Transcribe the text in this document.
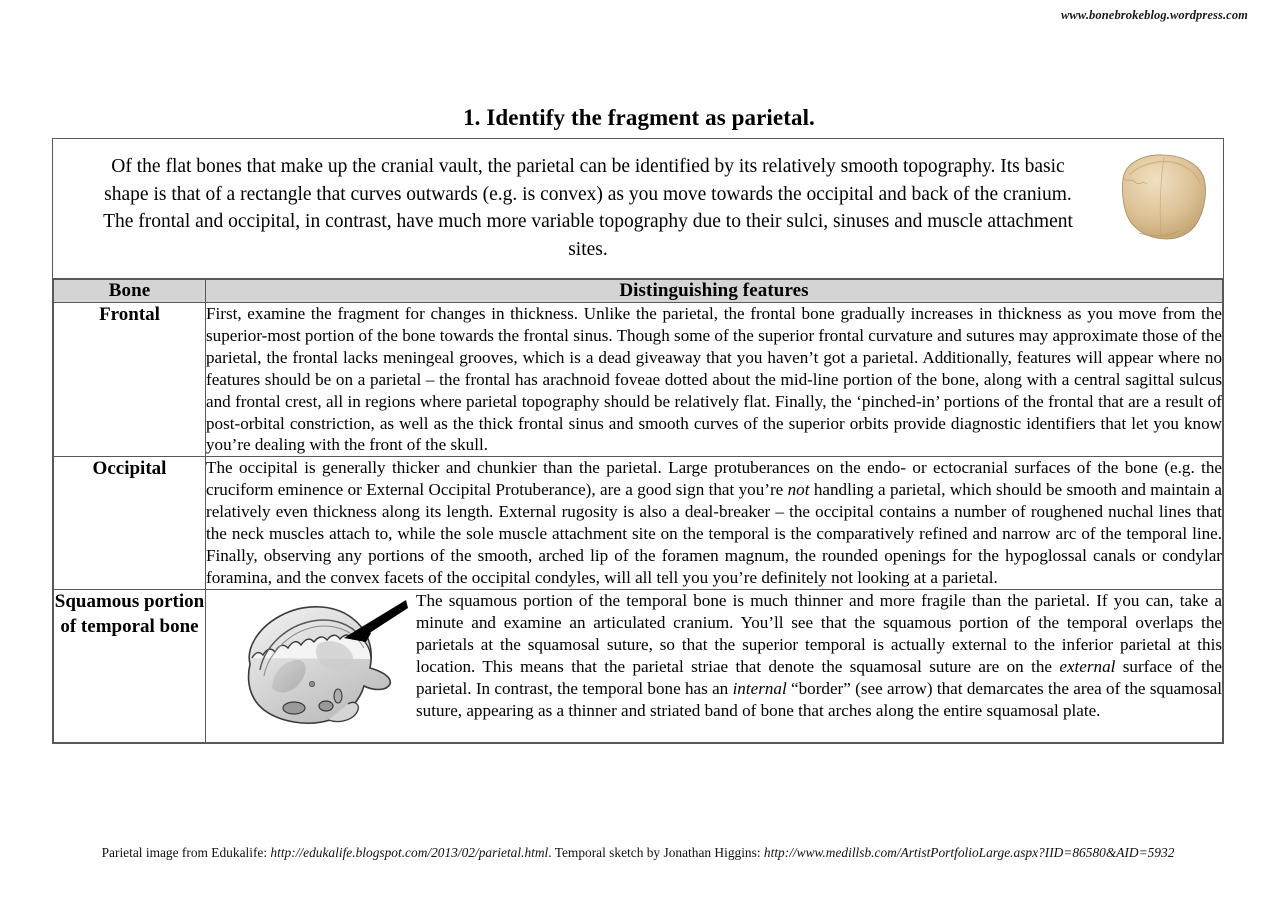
www.bonebrokeblog.wordpress.com
1. Identify the fragment as parietal.
Of the flat bones that make up the cranial vault, the parietal can be identified by its relatively smooth topography. Its basic shape is that of a rectangle that curves outwards (e.g. is convex) as you move towards the occipital and back of the cranium. The frontal and occipital, in contrast, have much more variable topography due to their sulci, sinuses and muscle attachment sites.
Bone	Distinguishing features
Frontal	First, examine the fragment for changes in thickness. Unlike the parietal, the frontal bone gradually increases in thickness as you move from the superior-most portion of the bone towards the frontal sinus. Though some of the superior frontal curvature and sutures may approximate those of the parietal, the frontal lacks meningeal grooves, which is a dead giveaway that you haven’t got a parietal. Additionally, features will appear where no features should be on a parietal – the frontal has arachnoid foveae dotted about the mid-line portion of the bone, along with a central sagittal sulcus and frontal crest, all in regions where parietal topography should be relatively flat. Finally, the ‘pinched-in’ portions of the frontal that are a result of post-orbital constriction, as well as the thick frontal sinus and smooth curves of the superior orbits provide diagnostic identifiers that let you know you’re dealing with the front of the skull.

Occipital	The occipital is generally thicker and chunkier than the parietal. Large protuberances on the endo- or ectocranial surfaces of the bone (e.g. the cruciform eminence or External Occipital Protuberance), are a good sign that you’re not handling a parietal, which should be smooth and maintain a relatively even thickness along its length. External rugosity is also a deal-breaker – the occipital contains a number of roughened nuchal lines that the neck muscles attach to, while the sole muscle attachment site on the temporal is the comparatively refined and narrow arc of the temporal line. Finally, observing any portions of the smooth, arched lip of the foramen magnum, the rounded openings for the hypoglossal canals or condylar foramina, and the convex facets of the occipital condyles, will all tell you you’re definitely not looking at a parietal.

Squamous portion of temporal bone	The squamous portion of the temporal bone is much thinner and more fragile than the parietal. If you can, take a minute and examine an articulated cranium. You’ll see that the squamous portion of the temporal overlaps the parietals at the squamosal suture, so that the superior temporal is actually external to the inferior parietal at this location. This means that the parietal striae that denote the squamosal suture are on the external surface of the parietal. In contrast, the temporal bone has an internal “border” (see arrow) that demarcates the area of the squamosal suture, appearing as a thinner and striated band of bone that arches along the entire squamosal plate.
Parietal image from Edukalife: http://edukalife.blogspot.com/2013/02/parietal.html. Temporal sketch by Jonathan Higgins: http://www.medillsb.com/ArtistPortfolioLarge.aspx?IID=86580&AID=5932
